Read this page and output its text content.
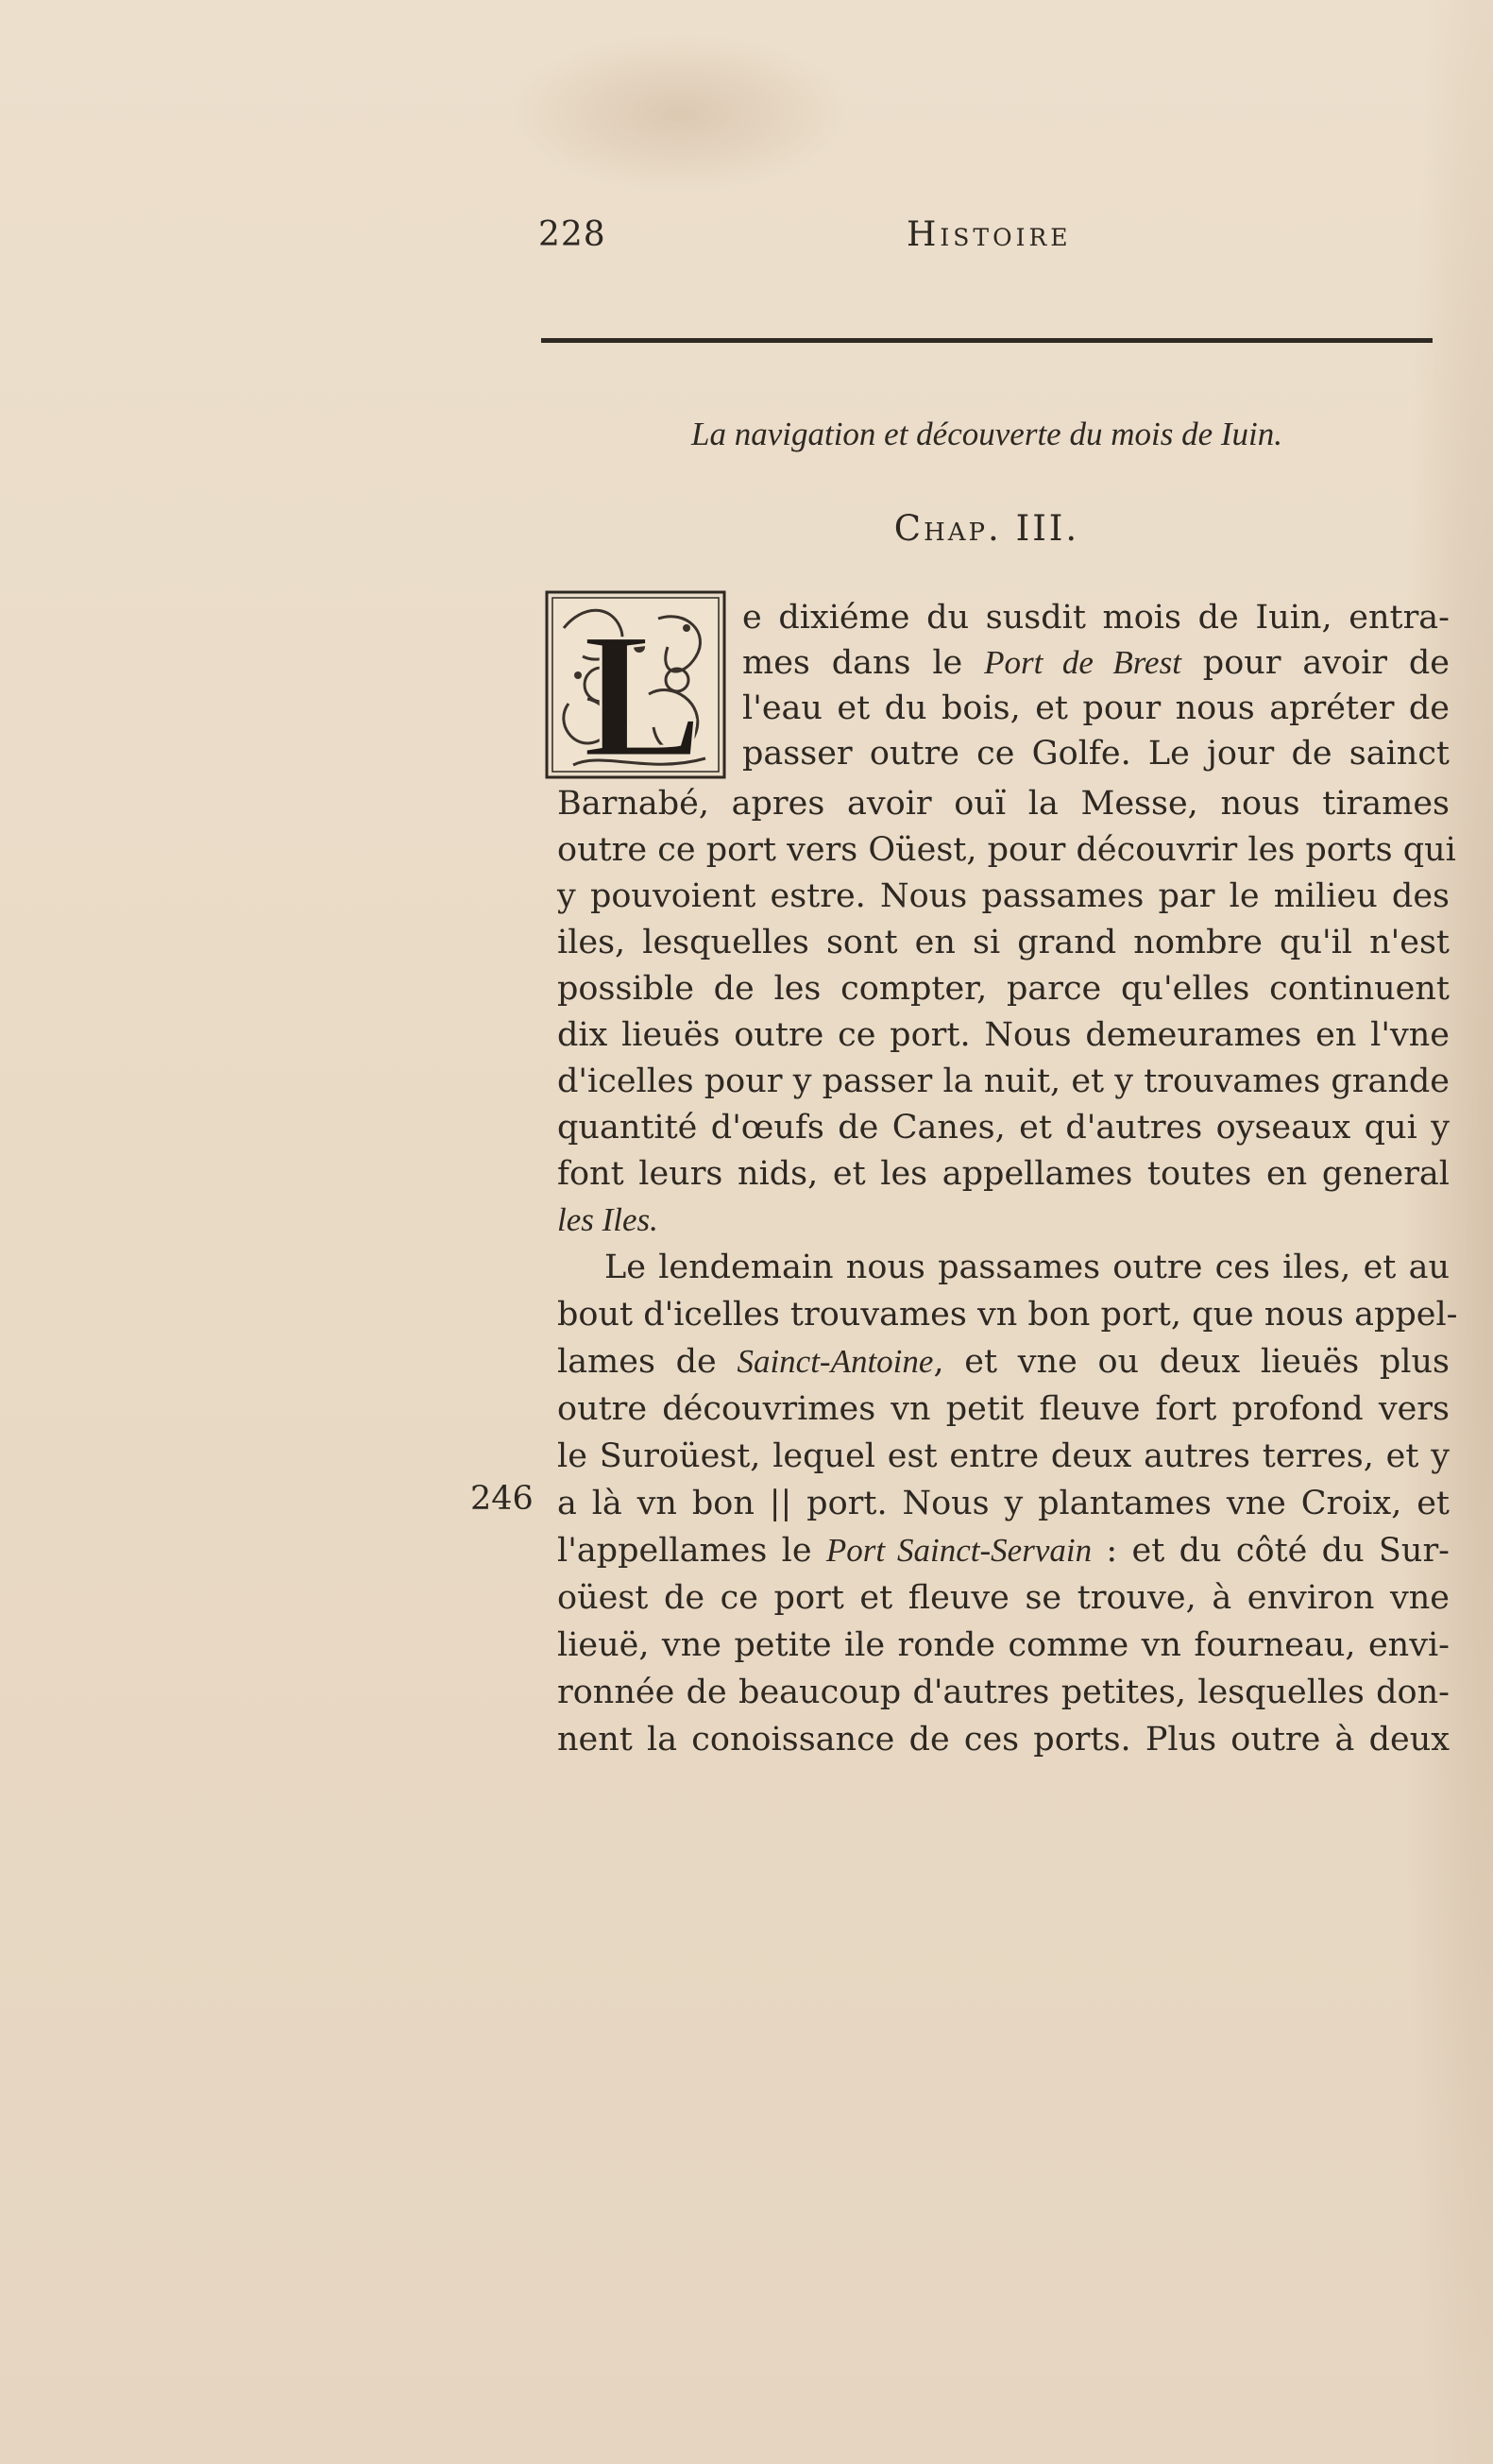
228	Histoire
La navigation et découverte du mois de Iuin.
Chap. III.
L e dixiéme du susdit mois de Iuin, entra-
mes dans le Port de Brest pour avoir de
l'eau et du bois, et pour nous apréter de
passer outre ce Golfe. Le jour de sainct
Barnabé, apres avoir ouï la Messe, nous tirames
outre ce port vers Oüest, pour découvrir les ports qui
y pouvoient estre. Nous passames par le milieu des
iles, lesquelles sont en si grand nombre qu'il n'est
possible de les compter, parce qu'elles continuent
dix lieuës outre ce port. Nous demeurames en l'vne
d'icelles pour y passer la nuit, et y trouvames grande
quantité d'œufs de Canes, et d'autres oyseaux qui y
font leurs nids, et les appellames toutes en general
les Iles.
Le lendemain nous passames outre ces iles, et au
bout d'icelles trouvames vn bon port, que nous appel-
lames de Sainct-Antoine, et vne ou deux lieuës plus
outre découvrimes vn petit fleuve fort profond vers
le Suroüest, lequel est entre deux autres terres, et y
a là vn bon || port. Nous y plantames vne Croix, et
l'appellames le Port Sainct-Servain : et du côté du Sur-
oüest de ce port et fleuve se trouve, à environ vne
lieuë, vne petite ile ronde comme vn fourneau, envi-
ronnée de beaucoup d'autres petites, lesquelles don-
nent la conoissance de ces ports. Plus outre à deux
246
